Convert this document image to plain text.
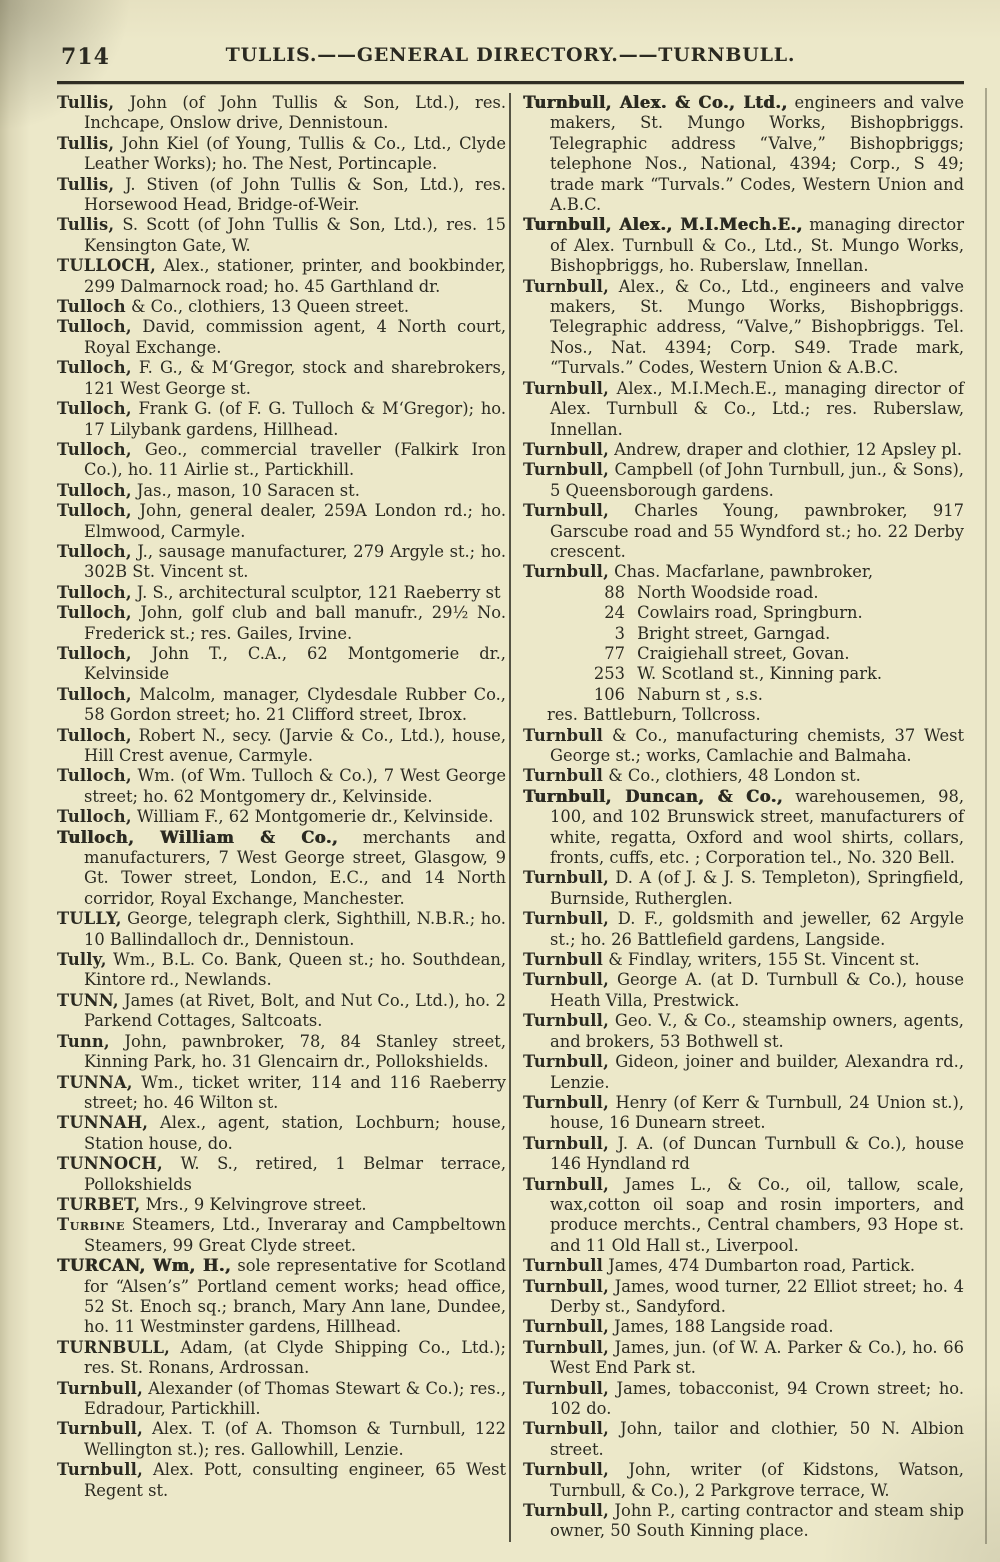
714	TULLIS.——GENERAL DIRECTORY.——TURNBULL.
Tullis, John (of John Tullis & Son, Ltd.), res. Inchcape, Onslow drive, Dennistoun.
Tullis, John Kiel (of Young, Tullis & Co., Ltd., Clyde Leather Works); ho. The Nest, Portincaple.
Tullis, J. Stiven (of John Tullis & Son, Ltd.), res. Horsewood Head, Bridge-of-Weir.
Tullis, S. Scott (of John Tullis & Son, Ltd.), res. 15 Kensington Gate, W.
TULLOCH, Alex., stationer, printer, and bookbinder, 299 Dalmarnock road; ho. 45 Garthland dr.
Tulloch & Co., clothiers, 13 Queen street.
Tulloch, David, commission agent, 4 North court, Royal Exchange.
Tulloch, F. G., & M‘Gregor, stock and sharebrokers, 121 West George st.
Tulloch, Frank G. (of F. G. Tulloch & M‘Gregor); ho. 17 Lilybank gardens, Hillhead.
Tulloch, Geo., commercial traveller (Falkirk Iron Co.), ho. 11 Airlie st., Partickhill.
Tulloch, Jas., mason, 10 Saracen st.
Tulloch, John, general dealer, 259A London rd.; ho. Elmwood, Carmyle.
Tulloch, J., sausage manufacturer, 279 Argyle st.; ho. 302B St. Vincent st.
Tulloch, J. S., architectural sculptor, 121 Raeberry st
Tulloch, John, golf club and ball manufr., 29½ No. Frederick st.; res. Gailes, Irvine.
Tulloch, John T., C.A., 62 Montgomerie dr., Kelvinside
Tulloch, Malcolm, manager, Clydesdale Rubber Co., 58 Gordon street; ho. 21 Clifford street, Ibrox.
Tulloch, Robert N., secy. (Jarvie & Co., Ltd.), house, Hill Crest avenue, Carmyle.
Tulloch, Wm. (of Wm. Tulloch & Co.), 7 West George street; ho. 62 Montgomery dr., Kelvinside.
Tulloch, William F., 62 Montgomerie dr., Kelvinside.
Tulloch, William & Co., merchants and manufacturers, 7 West George street, Glasgow, 9 Gt. Tower street, London, E.C., and 14 North corridor, Royal Exchange, Manchester.
TULLY, George, telegraph clerk, Sighthill, N.B.R.; ho. 10 Ballindalloch dr., Dennistoun.
Tully, Wm., B.L. Co. Bank, Queen st.; ho. Southdean, Kintore rd., Newlands.
TUNN, James (at Rivet, Bolt, and Nut Co., Ltd.), ho. 2 Parkend Cottages, Saltcoats.
Tunn, John, pawnbroker, 78, 84 Stanley street, Kinning Park, ho. 31 Glencairn dr., Pollokshields.
TUNNA, Wm., ticket writer, 114 and 116 Raeberry street; ho. 46 Wilton st.
TUNNAH, Alex., agent, station, Lochburn; house, Station house, do.
TUNNOCH, W. S., retired, 1 Belmar terrace, Pollokshields
TURBET, Mrs., 9 Kelvingrove street.
Turbine Steamers, Ltd., Inveraray and Campbeltown Steamers, 99 Great Clyde street.
TURCAN, Wm, H., sole representative for Scotland for “Alsen’s” Portland cement works; head office, 52 St. Enoch sq.; branch, Mary Ann lane, Dundee, ho. 11 Westminster gardens, Hillhead.
TURNBULL, Adam, (at Clyde Shipping Co., Ltd.); res. St. Ronans, Ardrossan.
Turnbull, Alexander (of Thomas Stewart & Co.); res., Edradour, Partickhill.
Turnbull, Alex. T. (of A. Thomson & Turnbull, 122 Wellington st.); res. Gallowhill, Lenzie.
Turnbull, Alex. Pott, consulting engineer, 65 West Regent st.
Turnbull, Alex. & Co., Ltd., engineers and valve makers, St. Mungo Works, Bishopbriggs. Telegraphic address “Valve,” Bishopbriggs; telephone Nos., National, 4394; Corp., S 49; trade mark “Turvals.” Codes, Western Union and A.B.C.
Turnbull, Alex., M.I.Mech.E., managing director of Alex. Turnbull & Co., Ltd., St. Mungo Works, Bishopbriggs, ho. Ruberslaw, Innellan.
Turnbull, Alex., & Co., Ltd., engineers and valve makers, St. Mungo Works, Bishopbriggs. Telegraphic address, “Valve,” Bishopbriggs. Tel. Nos., Nat. 4394; Corp. S49. Trade mark, “Turvals.” Codes, Western Union & A.B.C.
Turnbull, Alex., M.I.Mech.E., managing director of Alex. Turnbull & Co., Ltd.; res. Ruberslaw, Innellan.
Turnbull, Andrew, draper and clothier, 12 Apsley pl.
Turnbull, Campbell (of John Turnbull, jun., & Sons), 5 Queensborough gardens.
Turnbull, Charles Young, pawnbroker, 917 Garscube road and 55 Wyndford st.; ho. 22 Derby crescent.
Turnbull, Chas. Macfarlane, pawnbroker,
88 North Woodside road.
24 Cowlairs road, Springburn.
3 Bright street, Garngad.
77 Craigiehall street, Govan.
253 W. Scotland st., Kinning park.
106 Naburn st , s.s.
res. Battleburn, Tollcross.
Turnbull & Co., manufacturing chemists, 37 West George st.; works, Camlachie and Balmaha.
Turnbull & Co., clothiers, 48 London st.
Turnbull, Duncan, & Co., warehousemen, 98, 100, and 102 Brunswick street, manufacturers of white, regatta, Oxford and wool shirts, collars, fronts, cuffs, etc. ; Corporation tel., No. 320 Bell.
Turnbull, D. A (of J. & J. S. Templeton), Springfield, Burnside, Rutherglen.
Turnbull, D. F., goldsmith and jeweller, 62 Argyle st.; ho. 26 Battlefield gardens, Langside.
Turnbull & Findlay, writers, 155 St. Vincent st.
Turnbull, George A. (at D. Turnbull & Co.), house Heath Villa, Prestwick.
Turnbull, Geo. V., & Co., steamship owners, agents, and brokers, 53 Bothwell st.
Turnbull, Gideon, joiner and builder, Alexandra rd., Lenzie.
Turnbull, Henry (of Kerr & Turnbull, 24 Union st.), house, 16 Dunearn street.
Turnbull, J. A. (of Duncan Turnbull & Co.), house 146 Hyndland rd
Turnbull, James L., & Co., oil, tallow, scale, wax,cotton oil soap and rosin importers, and produce merchts., Central chambers, 93 Hope st. and 11 Old Hall st., Liverpool.
Turnbull James, 474 Dumbarton road, Partick.
Turnbull, James, wood turner, 22 Elliot street; ho. 4 Derby st., Sandyford.
Turnbull, James, 188 Langside road.
Turnbull, James, jun. (of W. A. Parker & Co.), ho. 66 West End Park st.
Turnbull, James, tobacconist, 94 Crown street; ho. 102 do.
Turnbull, John, tailor and clothier, 50 N. Albion street.
Turnbull, John, writer (of Kidstons, Watson, Turnbull, & Co.), 2 Parkgrove terrace, W.
Turnbull, John P., carting contractor and steam ship owner, 50 South Kinning place.
